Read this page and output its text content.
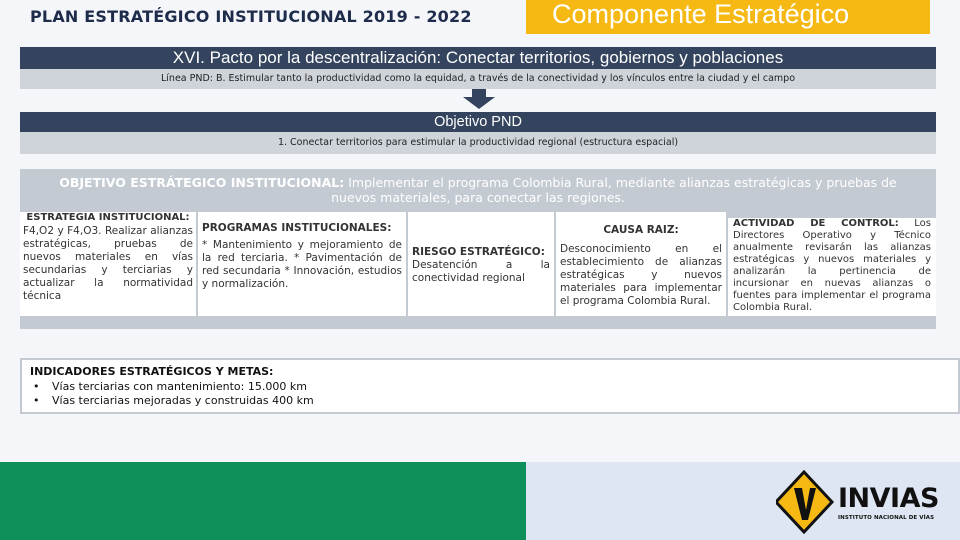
PLAN ESTRATÉGICO INSTITUCIONAL 2019 - 2022	Componente Estratégico
XVI. Pacto por la descentralización: Conectar territorios, gobiernos y poblaciones
Línea PND: B. Estimular tanto la productividad como la equidad, a través de la conectividad y los vínculos entre la ciudad y el campo
Objetivo PND
1. Conectar territorios para estimular la productividad regional (estructura espacial)
OBJETIVO ESTRÁTEGICO INSTITUCIONAL: Implementar el programa Colombia Rural, mediante alianzas estratégicas y pruebas de nuevos materiales, para conectar las regiones.
ESTRATEGIA INSTITUCIONAL:
F4,O2 y F4,O3. Realizar alianzas estratégicas, pruebas de nuevos materiales en vías secundarias y terciarias y actualizar la normatividad técnica
PROGRAMAS INSTITUCIONALES:
* Mantenimiento y mejoramiento de la red terciaria. * Pavimentación de red secundaria * Innovación, estudios y normalización.
RIESGO ESTRATÉGICO:
Desatención a la conectividad regional
CAUSA RAIZ:
Desconocimiento en el establecimiento de alianzas estratégicas y nuevos materiales para implementar el programa Colombia Rural.
ACTIVIDAD DE CONTROL: Los Directores Operativo y Técnico anualmente revisarán las alianzas estratégicas y nuevos materiales y analizarán la pertinencia de incursionar en nuevas alianzas o fuentes para implementar el programa Colombia Rural.
INDICADORES ESTRATÉGICOS Y METAS:
• Vías terciarias con mantenimiento: 15.000 km
• Vías terciarias mejoradas y construidas 400 km
INVIAS
INSTITUTO NACIONAL DE VÍAS
